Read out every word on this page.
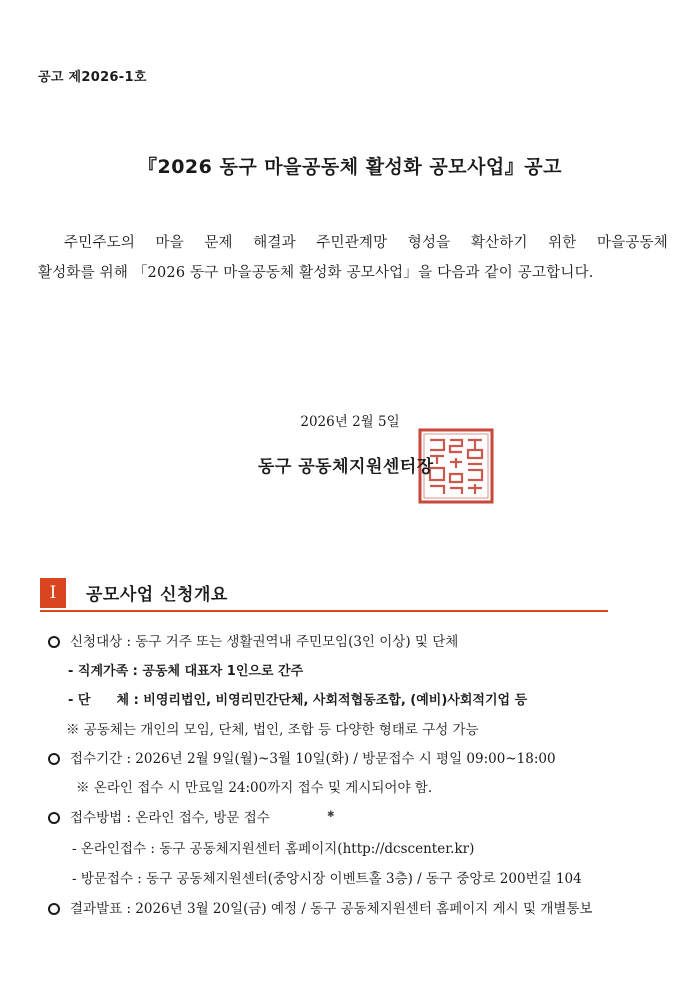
공고 제2026-1호
『2026 동구 마을공동체 활성화 공모사업』공고
주민주도의 마을 문제 해결과 주민관계망 형성을 확산하기 위한 마을공동체
활성화를 위해 「2026 동구 마을공동체 활성화 공모사업」을 다음과 같이 공고합니다.
2026년 2월 5일
동구 공동체지원센터장
Ⅰ	공모사업 신청개요
신청대상 : 동구 거주 또는 생활권역내 주민모임(3인 이상) 및 단체
- 직계가족 : 공동체 대표자 1인으로 간주
- 단　　체 : 비영리법인, 비영리민간단체, 사회적협동조합, (예비)사회적기업 등
※ 공동체는 개인의 모임, 단체, 법인, 조합 등 다양한 형태로 구성 가능
접수기간 : 2026년 2월 9일(월)~3월 10일(화) / 방문접수 시 평일 09:00~18:00
※ 온라인 접수 시 만료일 24:00까지 접수 및 게시되어야 함.
접수방법 : 온라인 접수, 방문 접수	✱
- 온라인접수 : 동구 공동체지원센터 홈페이지(http://dcscenter.kr)
- 방문접수 : 동구 공동체지원센터(중앙시장 이벤트홀 3층) / 동구 중앙로 200번길 104
결과발표 : 2026년 3월 20일(금) 예정 / 동구 공동체지원센터 홈페이지 게시 및 개별통보
